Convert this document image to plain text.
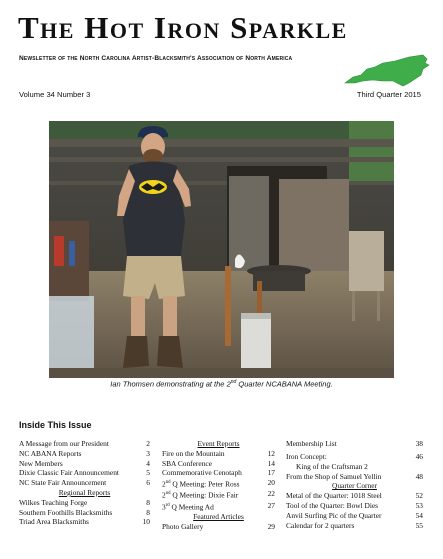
The Hot Iron Sparkle
Newsletter of the North Carolina Artist-Blacksmith's Association of North America
Volume 34 Number 3	Third Quarter 2015
Ian Thomsen demonstrating at the 2nd Quarter NCABANA Meeting.
Inside This Issue
A Message from our President	2
NC ABANA Reports	3
New Members	4
Dixie Classic Fair Announcement	5
NC State Fair Announcement	6
Regional Reports
Wilkes Teaching Forge	8
Southern Foothills Blacksmiths	8
Triad Area Blacksmiths	10
Event Reports
Fire on the Mountain	12
SBA Conference	14
Commemorative Cenotaph	17
2nd Q Meeting: Peter Ross	20
2nd Q Meeting: Dixie Fair	22
3rd Q Meeting Ad	27
Featured Articles
Photo Gallery	29
Membership List	38
Iron Concept:	46
King of the Craftsman 2
From the Shop of Samuel Yellin	48
Quarter Corner
Metal of the Quarter: 1018 Steel	52
Tool of the Quarter: Bowl Dies	53
Anvil Surfing Pic of the Quarter	54
Calendar for 2 quarters	55
